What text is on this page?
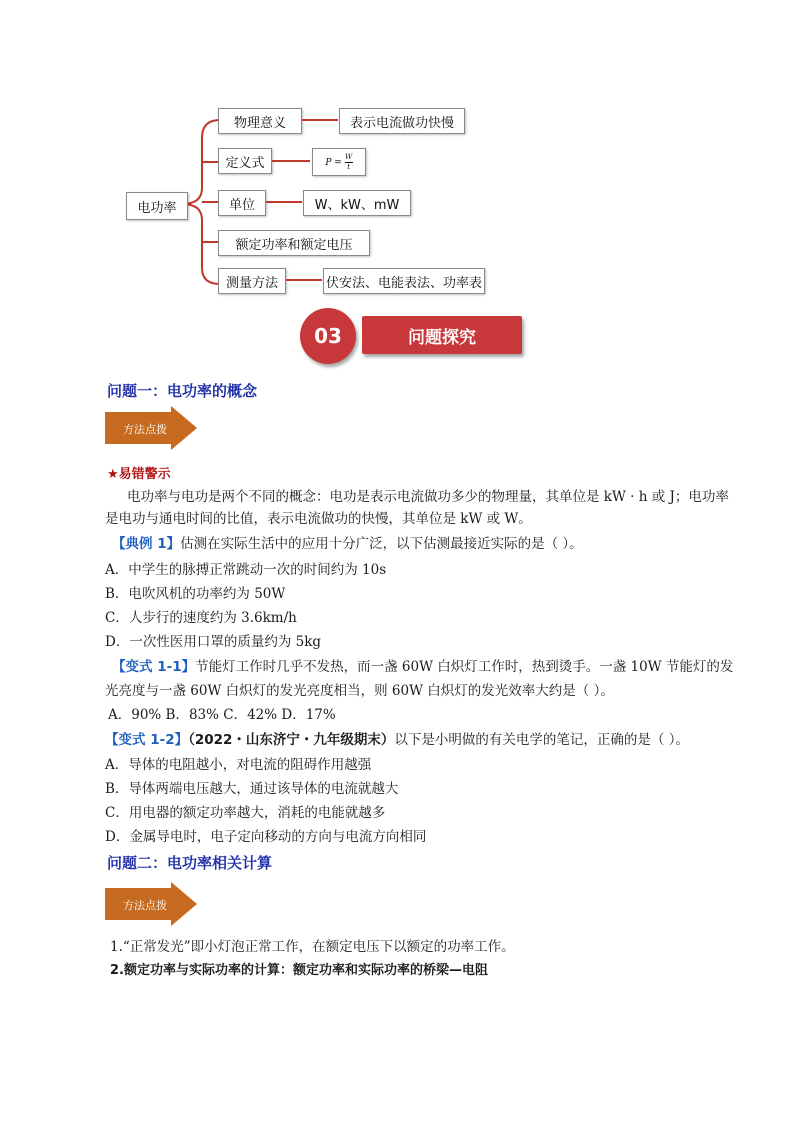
电功率
物理意义	表示电流做功快慢
定义式	$P = \frac{W}{t}$
单位	W、kW、mW
额定功率和额定电压
测量方法	伏安法、电能表法、功率表
问题探究
03
问题一：电功率的概念
方法点拨
★易错警示
电功率与电功是两个不同的概念：电功是表示电流做功多少的物理量，其单位是 kW · h 或 J；电功率
是电功与通电时间的比值，表示电流做功的快慢，其单位是 kW 或 W。
【典例 1】估测在实际生活中的应用十分广泛，以下估测最接近实际的是（ ）。
A．中学生的脉搏正常跳动一次的时间约为 10s
B．电吹风机的功率约为 50W
C．人步行的速度约为 3.6km/h
D．一次性医用口罩的质量约为 5kg
【变式 1-1】节能灯工作时几乎不发热，而一盏 60W 白炽灯工作时，热到烫手。一盏 10W 节能灯的发
光亮度与一盏 60W 白炽灯的发光亮度相当，则 60W 白炽灯的发光效率大约是（ ）。
A．90% B．83% C．42% D．17%
【变式 1-2】（2022・山东济宁・九年级期末）以下是小明做的有关电学的笔记，正确的是（ ）。
A．导体的电阻越小，对电流的阻碍作用越强
B．导体两端电压越大，通过该导体的电流就越大
C．用电器的额定功率越大，消耗的电能就越多
D．金属导电时，电子定向移动的方向与电流方向相同
问题二：电功率相关计算
方法点拨
1.“正常发光”即小灯泡正常工作，在额定电压下以额定的功率工作。
2.额定功率与实际功率的计算：额定功率和实际功率的桥梁—电阻
